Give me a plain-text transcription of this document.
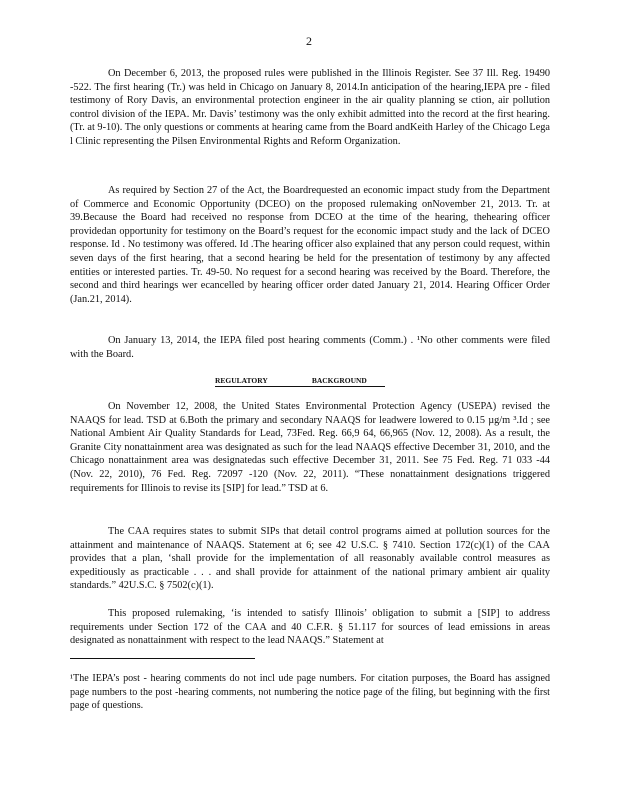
2

On December 6, 2013, the proposed rules were published in the Illinois Register. See 37 Ill. Reg. 19490 -522. The first hearing (Tr.) was held in Chicago on January 8, 2014.In anticipation of the hearing,IEPA pre - filed testimony of Rory Davis, an environmental protection engineer in the air quality planning se ction, air pollution control division of the IEPA. Mr. Davis’ testimony was the only exhibit admitted into the record at the first hearing. (Tr. at 9-10). The only questions or comments at hearing came from the Board andKeith Harley of the Chicago Lega l Clinic representing the Pilsen Environmental Rights and Reform Organization.

As required by Section 27 of the Act, the Boardrequested an economic impact study from the Department of Commerce and Economic Opportunity (DCEO) on the proposed rulemaking onNovember 21, 2013. Tr. at 39.Because the Board had received no response from DCEO at the time of the hearing, thehearing officer providedan opportunity for testimony on the Board’s request for the economic impact study and the lack of DCEO response. Id . No testimony was offered. Id .The hearing officer also explained that any person could request, within seven days of the first hearing, that a second hearing be held for the presentation of testimony by any affected entities or interested parties. Tr. 49-50. No request for a second hearing was received by the Board. Therefore, the second and third hearings wer ecancelled by hearing officer order dated January 21, 2014. Hearing Officer Order (Jan.21, 2014).

On January 13, 2014, the IEPA filed post hearing comments (Comm.) . ¹No other comments were filed with the Board.

REGULATORY	BACKGROUND

On November 12, 2008, the United States Environmental Protection Agency (USEPA) revised the NAAQS for lead. TSD at 6.Both the primary and secondary NAAQS for leadwere lowered to 0.15 µg/m ³.Id ; see National Ambient Air Quality Standards for Lead, 73Fed. Reg. 66,9 64, 66,965 (Nov. 12, 2008). As a result, the Granite City nonattainment area was designated as such for the lead NAAQS effective December 31, 2010, and the Chicago nonattainment area was designatedas such effective December 31, 2011. See 75 Fed. Reg. 71 033 -44 (Nov. 22, 2010), 76 Fed. Reg. 72097 -120 (Nov. 22, 2011). “These nonattainment designations triggered requirements for Illinois to revise its [SIP] for lead.” TSD at 6.

The CAA requires states to submit SIPs that detail control programs aimed at pollution sources for the attainment and maintenance of NAAQS. Statement at 6; see 42 U.S.C. § 7410. Section 172(c)(1) of the CAA provides that a plan, ‘shall provide for the implementation of all reasonably available control measures as expeditiously as practicable . . . and shall provide for attainment of the national primary ambient air quality standards.” 42U.S.C. § 7502(c)(1).

This proposed rulemaking, ‘is intended to satisfy Illinois’ obligation to submit a [SIP] to address requirements under Section 172 of the CAA and 40 C.F.R. § 51.117 for sources of lead emissions in areas designated as nonattainment with respect to the lead NAAQS.” Statement at

¹The IEPA’s post - hearing comments do not incl ude page numbers. For citation purposes, the Board has assigned page numbers to the post -hearing comments, not numbering the notice page of the filing, but beginning with the first page of questions.
